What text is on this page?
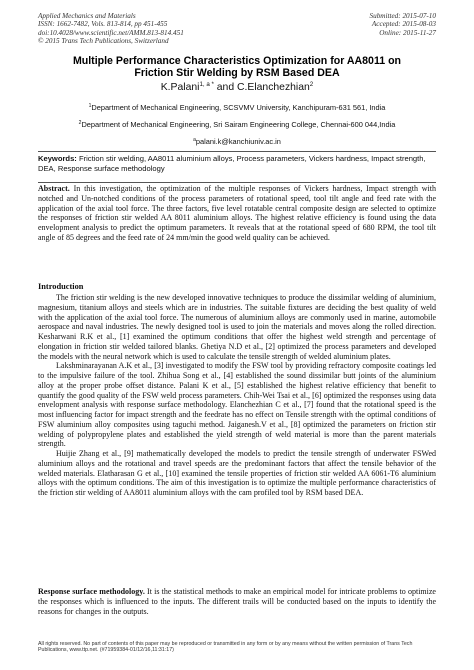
Applied Mechanics and Materials
ISSN: 1662-7482, Vols. 813-814, pp 451-455
doi:10.4028/www.scientific.net/AMM.813-814.451
© 2015 Trans Tech Publications, Switzerland
Submitted: 2015-07-10
Accepted: 2015-08-03
Online: 2015-11-27
Multiple Performance Characteristics Optimization for AA8011 on
Friction Stir Welding by RSM Based DEA
K.Palani$^{1, a *}$ and C.Elanchezhian$^2$
$^1$Department of Mechanical Engineering, SCSVMV University, Kanchipuram-631 561, India
$^2$Department of Mechanical Engineering, Sri Sairam Engineering College, Chennai-600 044,India
$^a$palani.k@kanchiuniv.ac.in
Keywords: Friction stir welding, AA8011 aluminium alloys, Process parameters, Vickers hardness, Impact strength, DEA, Response surface methodology
Abstract. In this investigation, the optimization of the multiple responses of Vickers hardness, Impact strength with notched and Un-notched conditions of the process parameters of rotational speed, tool tilt angle and feed rate with the application of the axial tool force. The three factors, five level rotatable central composite design are selected to optimize the responses of friction stir welded AA 8011 aluminium alloys. The highest relative efficiency is found using the data envelopment analysis to predict the optimum parameters. It reveals that at the rotational speed of 680 RPM, the tool tilt angle of 85 degrees and the feed rate of 24 mm/min the good weld quality can be achieved.
Introduction

The friction stir welding is the new developed innovative techniques to produce the dissimilar welding of aluminium, magnesium, titanium alloys and steels which are in industries. The suitable fixtures are deciding the best quality of weld with the application of the axial tool force. The numerous of aluminium alloys are commonly used in marine, automobile aerospace and naval industries. The newly designed tool is used to join the materials and moves along the rolled direction. Kesharwani R.K et al., [1] examined the optimum conditions that offer the highest weld strength and percentage of elongation in friction stir welded tailored blanks. Ghetiya N.D et al., [2] optimized the process parameters and developed the models with the neural network which is used to calculate the tensile strength of welded aluminium plates.

Lakshminarayanan A.K et al., [3] investigated to modify the FSW tool by providing refractory composite coatings led to the impulsive failure of the tool. Zhihua Song et al., [4] established the sound dissimilar butt joints of the aluminium alloy at the proper probe offset distance. Palani K et al., [5] established the highest relative efficiency that benefit to quantify the good quality of the FSW weld process parameters. Chih-Wei Tsai et al., [6] optimized the responses using data envelopment analysis with response surface methodology. Elanchezhian C et al., [7] found that the rotational speed is the most influencing factor for impact strength and the feedrate has no effect on Tensile strength with the optimal conditions of FSW aluminium alloy composites using taguchi method. Jaiganesh.V et al., [8] optimized the parameters on friction stir welding of polypropylene plates and established the yield strength of weld material is more than the parent materials strength.

Huijie Zhang et al., [9] mathematically developed the models to predict the tensile strength of underwater FSWed aluminium alloys and the rotational and travel speeds are the predominant factors that affect the tensile behavior of the welded materials. Elatharasan G et al., [10] examined the tensile properties of friction stir welded AA 6061-T6 aluminium alloys with the optimum conditions. The aim of this investigation is to optimize the multiple performance characteristics of the friction stir welding of AA8011 aluminium alloys with the cam profiled tool by RSM based DEA.

Response surface methodology. It is the statistical methods to make an empirical model for intricate problems to optimize the responses which is influenced to the inputs. The different trails will be conducted based on the inputs to identify the reasons for changes in the outputs.
All rights reserved. No part of contents of this paper may be reproduced or transmitted in any form or by any means without the written permission of Trans Tech Publications, www.ttp.net. (#71959384-01/12/16,11:31:17)
